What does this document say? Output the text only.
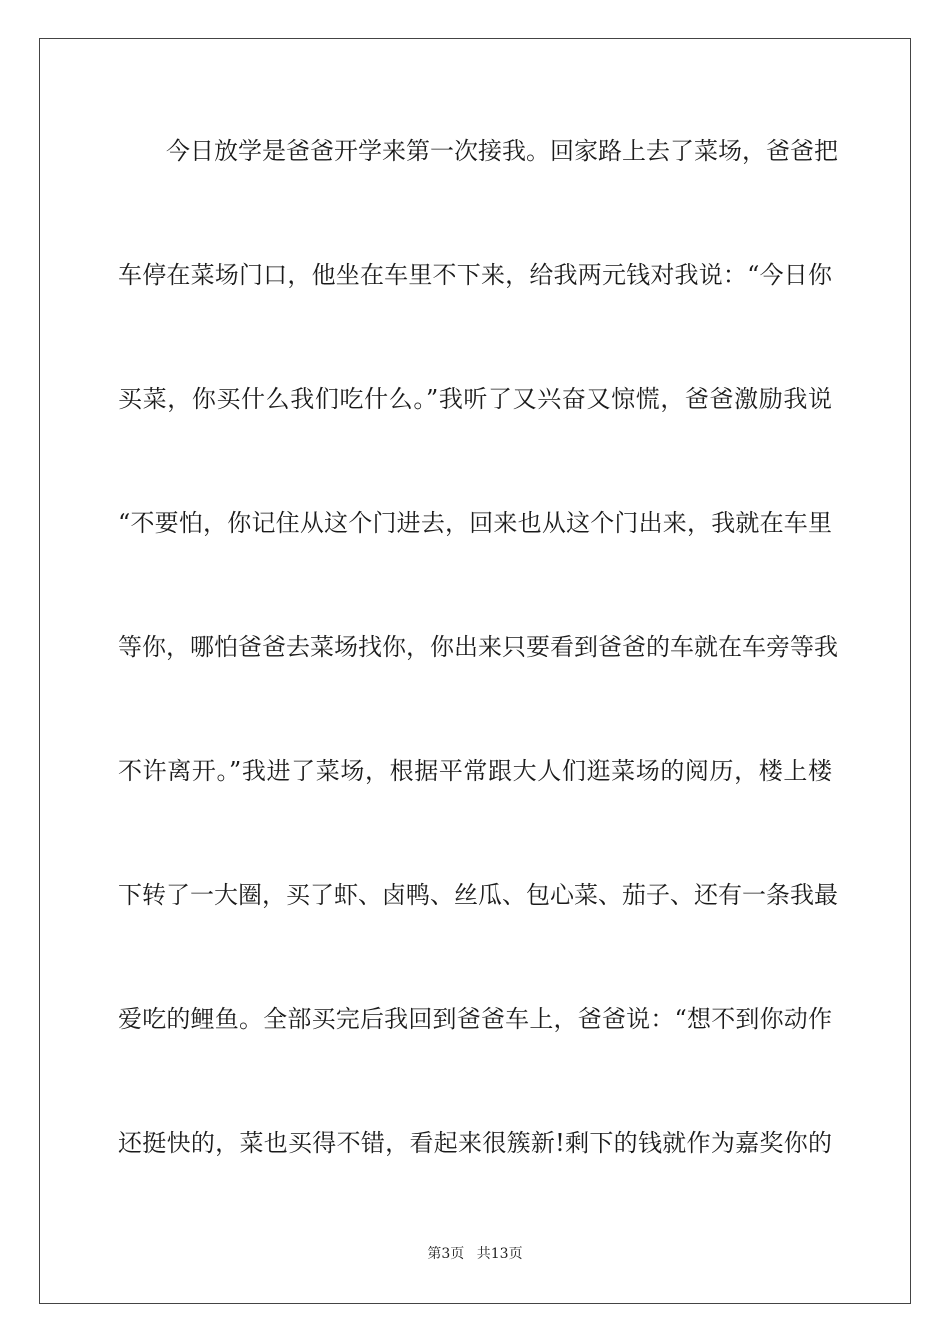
今日放学是爸爸开学来第一次接我。回家路上去了菜场，爸爸把
车停在菜场门口，他坐在车里不下来，给我两元钱对我说：“今日你
买菜，你买什么我们吃什么。”我听了又兴奋又惊慌，爸爸激励我说
“不要怕，你记住从这个门进去，回来也从这个门出来，我就在车里
等你，哪怕爸爸去菜场找你，你出来只要看到爸爸的车就在车旁等我
不许离开。”我进了菜场，根据平常跟大人们逛菜场的阅历，楼上楼
下转了一大圈，买了虾、卤鸭、丝瓜、包心菜、茄子、还有一条我最
爱吃的鲤鱼。全部买完后我回到爸爸车上，爸爸说：“想不到你动作
还挺快的，菜也买得不错，看起来很簇新!剩下的钱就作为嘉奖你的
第3页 共13页
